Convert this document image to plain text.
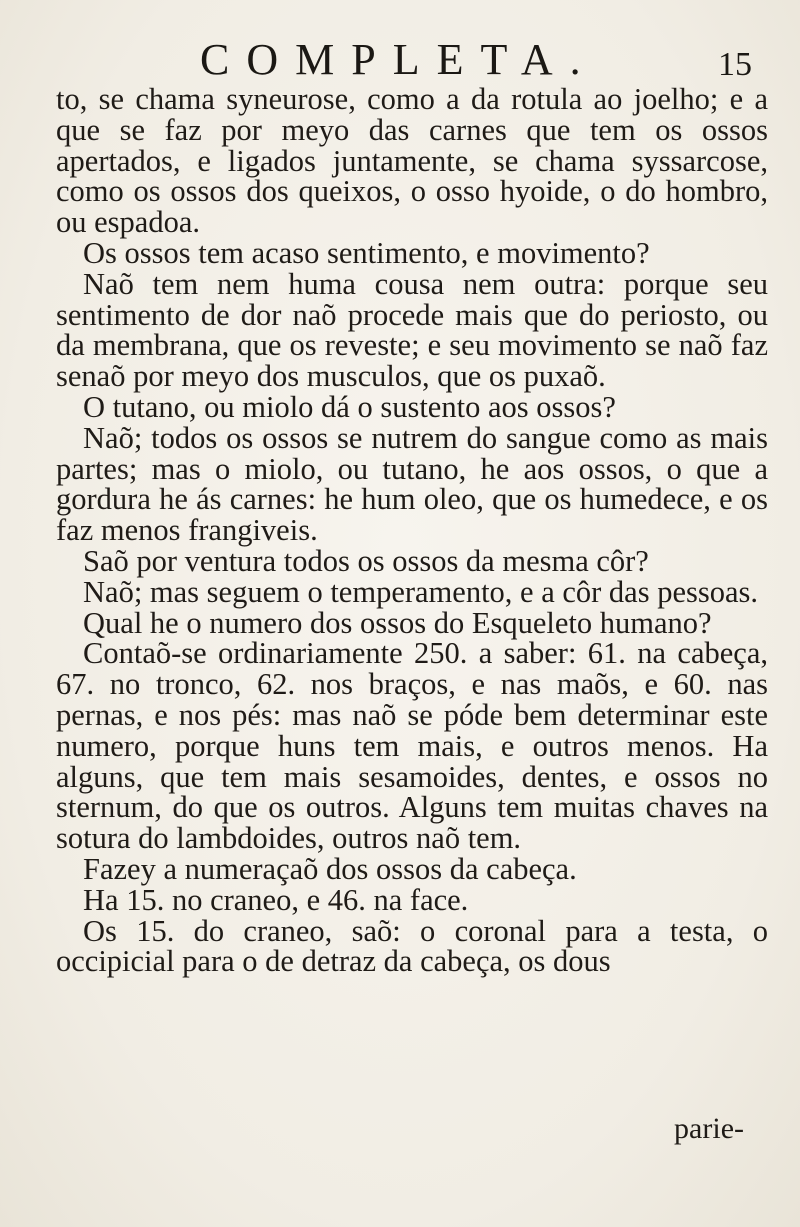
COMPLETA.	15

to, se chama syneurose, como a da rotula ao joelho; e a que se faz por meyo das carnes que tem os ossos apertados, e ligados juntamente, se chama syssarcose, como os ossos dos queixos, o osso hyoide, o do hombro, ou espadoa.

Os ossos tem acaso sentimento, e movimento?

Naõ tem nem huma cousa nem outra: porque seu sentimento de dor naõ procede mais que do periosto, ou da membrana, que os reveste; e seu movimento se naõ faz senaõ por meyo dos musculos, que os puxaõ.

O tutano, ou miolo dá o sustento aos ossos?

Naõ; todos os ossos se nutrem do sangue como as mais partes; mas o miolo, ou tutano, he aos ossos, o que a gordura he ás carnes: he hum oleo, que os humedece, e os faz menos frangiveis.

Saõ por ventura todos os ossos da mesma côr?

Naõ; mas seguem o temperamento, e a côr das pessoas.

Qual he o numero dos ossos do Esqueleto humano?

Contaõ-se ordinariamente 250. a saber: 61. na cabeça, 67. no tronco, 62. nos braços, e nas maõs, e 60. nas pernas, e nos pés: mas naõ se póde bem determinar este numero, porque huns tem mais, e outros menos. Ha alguns, que tem mais sesamoides, dentes, e ossos no sternum, do que os outros. Alguns tem muitas chaves na sotura do lambdoides, outros naõ tem.

Fazey a numeraçaõ dos ossos da cabeça.

Ha 15. no craneo, e 46. na face.

Os 15. do craneo, saõ: o coronal para a testa, o occipicial para o de detraz da cabeça, os dous

parie-
